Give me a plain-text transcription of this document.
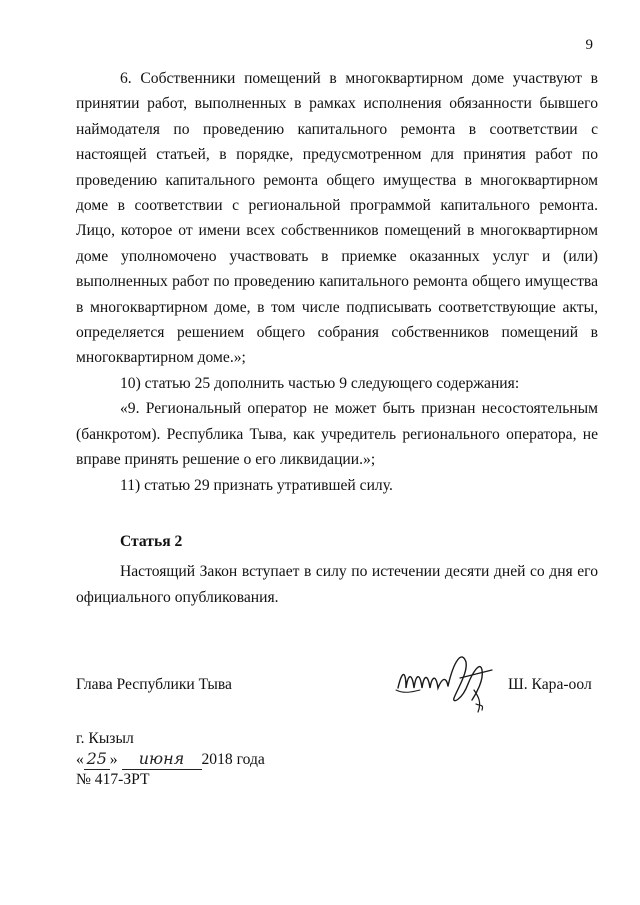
9

6. Собственники помещений в многоквартирном доме участвуют в принятии работ, выполненных в рамках исполнения обязанности бывшего наймодателя по проведению капитального ремонта в соответствии с настоящей статьей, в порядке, предусмотренном для принятия работ по проведению капитального ремонта общего имущества в многоквартирном доме в соответствии с региональной программой капитального ремонта. Лицо, которое от имени всех собственников помещений в многоквартирном доме уполномочено участвовать в приемке оказанных услуг и (или) выполненных работ по проведению капитального ремонта общего имущества в многоквартирном доме, в том числе подписывать соответствующие акты, определяется решением общего собрания собственников помещений в многоквартирном доме.»;

10) статью 25 дополнить частью 9 следующего содержания:

«9. Региональный оператор не может быть признан несостоятельным (банкротом). Республика Тыва, как учредитель регионального оператора, не вправе принять решение о его ликвидации.»;

11) статью 29 признать утратившей силу.

Статья 2

Настоящий Закон вступает в силу по истечении десяти дней со дня его официального опубликования.

Глава Республики Тыва	Ш. Кара-оол
г. Кызыл
« 25 » июня 2018 года
№ 417-ЗРТ
